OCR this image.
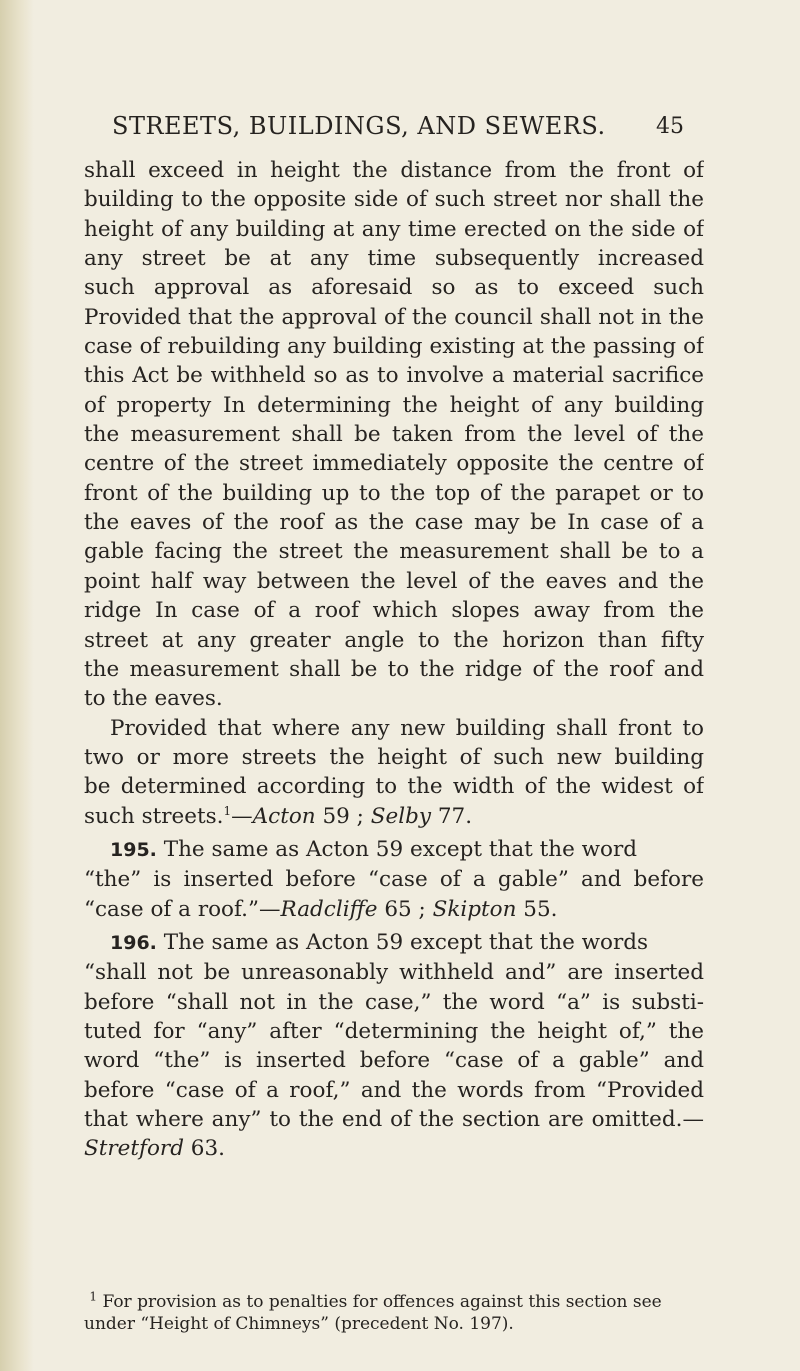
STREETS, BUILDINGS, AND SEWERS. 45
shall exceed in height the distance from the front of
building to the opposite side of such street nor shall the
height of any building at any time erected on the side of
any street be at any time subsequently increased
such approval as aforesaid so as to exceed such
Provided that the approval of the council shall not in the
case of rebuilding any building existing at the passing of
this Act be withheld so as to involve a material sacrifice
of property In determining the height of any building
the measurement shall be taken from the level of the
centre of the street immediately opposite the centre of
front of the building up to the top of the parapet or to
the eaves of the roof as the case may be In case of a
gable facing the street the measurement shall be to a
point half way between the level of the eaves and the
ridge In case of a roof which slopes away from the
street at any greater angle to the horizon than fifty
the measurement shall be to the ridge of the roof and
to the eaves.
Provided that where any new building shall front to
two or more streets the height of such new building
be determined according to the width of the widest of
such streets.$^1$—Acton 59 ; Selby 77.
195. The same as Acton 59 except that the word
“the” is inserted before “case of a gable” and before
“case of a roof.”—Radcliffe 65 ; Skipton 55.
196. The same as Acton 59 except that the words
“shall not be unreasonably withheld and” are inserted
before “shall not in the case,” the word “a” is substi-
tuted for “any” after “determining the height of,” the
word “the” is inserted before “case of a gable” and
before “case of a roof,” and the words from “Provided
that where any” to the end of the section are omitted.—
Stretford 63.
$^1$ For provision as to penalties for offences against this section see
under “Height of Chimneys” (precedent No. 197).
